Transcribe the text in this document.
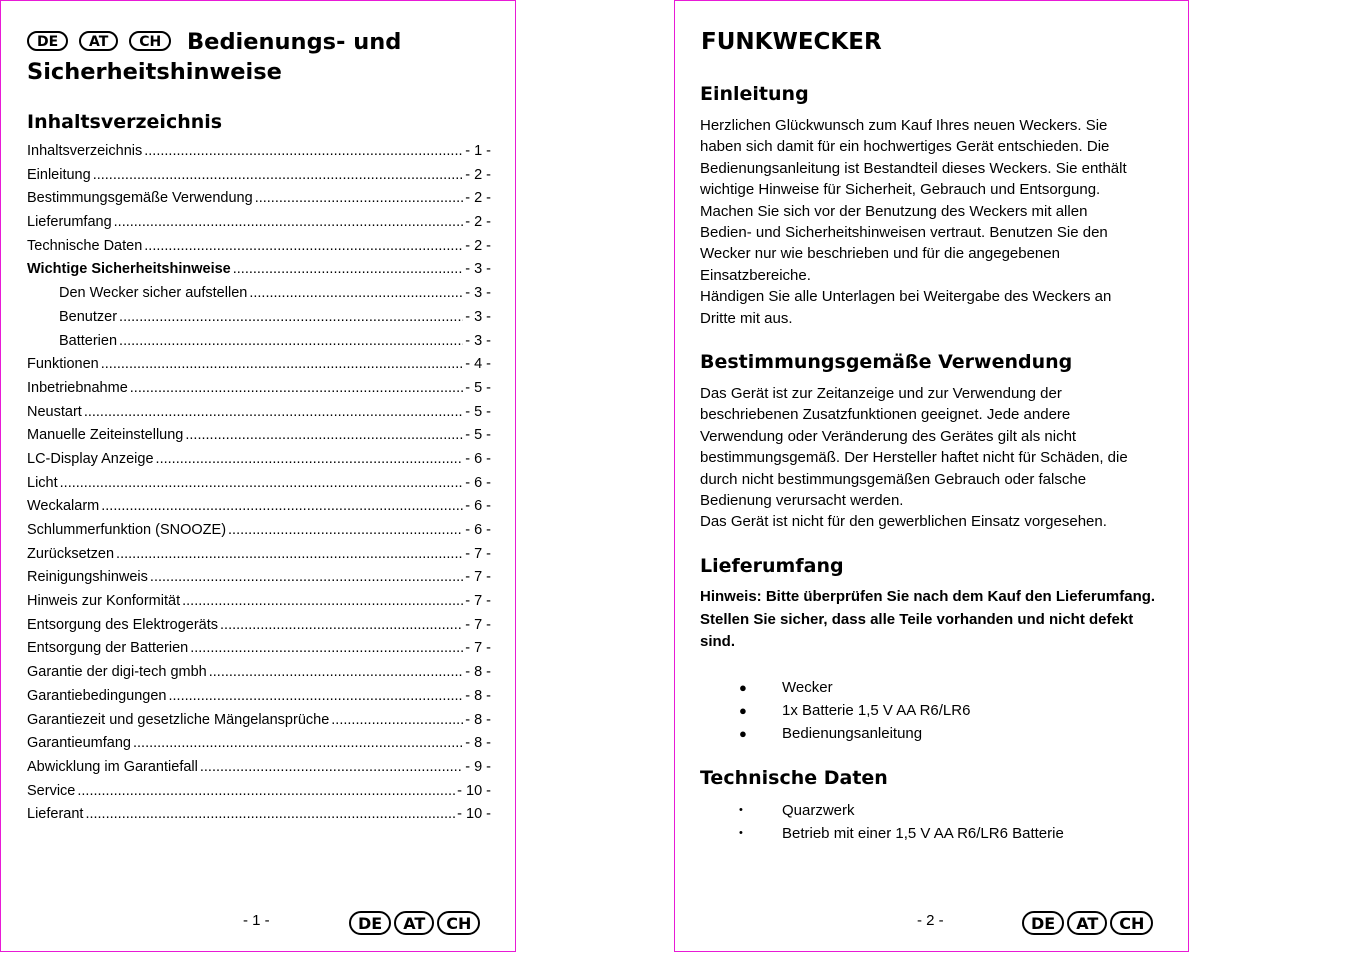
DE AT CH Bedienungs- und Sicherheitshinweise
Inhaltsverzeichnis
Inhaltsverzeichnis .....	- 1 -
Einleitung .....	- 2 -
Bestimmungsgemäße Verwendung .....	- 2 -
Lieferumfang .....	- 2 -
Technische Daten .....	- 2 -
Wichtige Sicherheitshinweise .....	- 3 -
Den Wecker sicher aufstellen .....	- 3 -
Benutzer .....	- 3 -
Batterien .....	- 3 -
Funktionen .....	- 4 -
Inbetriebnahme .....	- 5 -
Neustart .....	- 5 -
Manuelle Zeiteinstellung .....	- 5 -
LC-Display Anzeige .....	- 6 -
Licht .....	- 6 -
Weckalarm .....	- 6 -
Schlummerfunktion (SNOOZE) .....	- 6 -
Zurücksetzen .....	- 7 -
Reinigungshinweis .....	- 7 -
Hinweis zur Konformität .....	- 7 -
Entsorgung des Elektrogeräts .....	- 7 -
Entsorgung der Batterien .....	- 7 -
Garantie der digi-tech gmbh .....	- 8 -
Garantiebedingungen .....	- 8 -
Garantiezeit und gesetzliche Mängelansprüche .....	- 8 -
Garantieumfang .....	- 8 -
Abwicklung im Garantiefall .....	- 9 -
Service .....	- 10 -
Lieferant .....	- 10 -
- 1 -	DE AT CH
FUNKWECKER
Einleitung
Herzlichen Glückwunsch zum Kauf Ihres neuen Weckers. Sie
haben sich damit für ein hochwertiges Gerät entschieden. Die
Bedienungsanleitung ist Bestandteil dieses Weckers. Sie enthält
wichtige Hinweise für Sicherheit, Gebrauch und Entsorgung.
Machen Sie sich vor der Benutzung des Weckers mit allen
Bedien- und Sicherheitshinweisen vertraut. Benutzen Sie den
Wecker nur wie beschrieben und für die angegebenen
Einsatzbereiche.
Händigen Sie alle Unterlagen bei Weitergabe des Weckers an
Dritte mit aus.
Bestimmungsgemäße Verwendung
Das Gerät ist zur Zeitanzeige und zur Verwendung der
beschriebenen Zusatzfunktionen geeignet. Jede andere
Verwendung oder Veränderung des Gerätes gilt als nicht
bestimmungsgemäß. Der Hersteller haftet nicht für Schäden, die
durch nicht bestimmungsgemäßen Gebrauch oder falsche
Bedienung verursacht werden.
Das Gerät ist nicht für den gewerblichen Einsatz vorgesehen.
Lieferumfang
Hinweis: Bitte überprüfen Sie nach dem Kauf den Lieferumfang.
Stellen Sie sicher, dass alle Teile vorhanden und nicht defekt
sind.
● Wecker
● 1x Batterie 1,5 V AA R6/LR6
● Bedienungsanleitung
Technische Daten
•	Quarzwerk
•	Betrieb mit einer 1,5 V AA R6/LR6 Batterie
- 2 -	DE AT CH
